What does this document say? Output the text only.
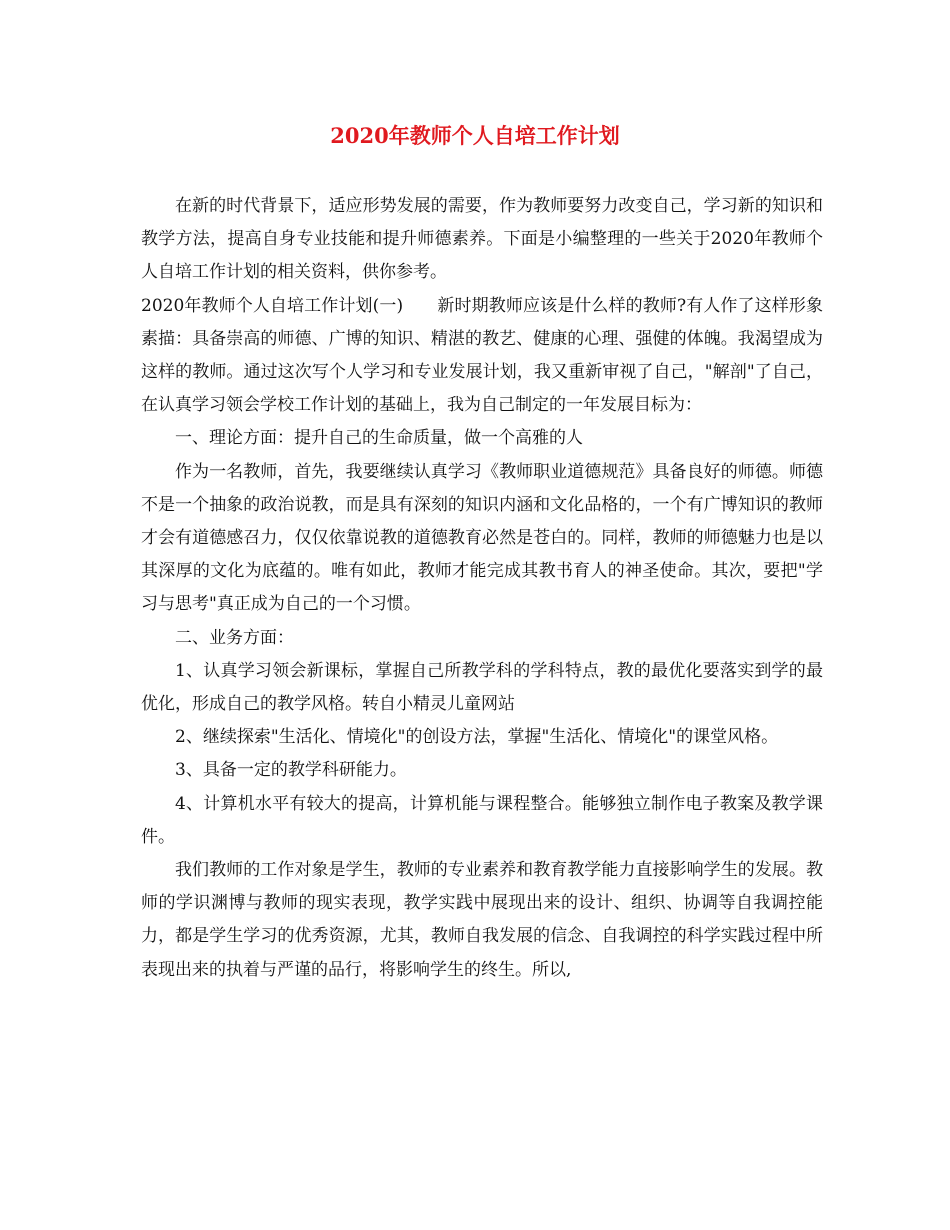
2020年教师个人自培工作计划

在新的时代背景下，适应形势发展的需要，作为教师要努力改变自己，学习新的知识和教学方法，提高自身专业技能和提升师德素养。下面是小编整理的一些关于2020年教师个人自培工作计划的相关资料，供你参考。

2020年教师个人自培工作计划(一)　　新时期教师应该是什么样的教师?有人作了这样形象素描：具备崇高的师德、广博的知识、精湛的教艺、健康的心理、强健的体魄。我渴望成为这样的教师。通过这次写个人学习和专业发展计划，我又重新审视了自己，"解剖"了自己，在认真学习领会学校工作计划的基础上，我为自己制定的一年发展目标为：

一、理论方面：提升自己的生命质量，做一个高雅的人

作为一名教师，首先，我要继续认真学习《教师职业道德规范》具备良好的师德。师德不是一个抽象的政治说教，而是具有深刻的知识内涵和文化品格的，一个有广博知识的教师才会有道德感召力，仅仅依靠说教的道德教育必然是苍白的。同样，教师的师德魅力也是以其深厚的文化为底蕴的。唯有如此，教师才能完成其教书育人的神圣使命。其次，要把"学习与思考"真正成为自己的一个习惯。

二、业务方面：

1、认真学习领会新课标，掌握自己所教学科的学科特点，教的最优化要落实到学的最优化，形成自己的教学风格。转自小精灵儿童网站

2、继续探索"生活化、情境化"的创设方法，掌握"生活化、情境化"的课堂风格。

3、具备一定的教学科研能力。

4、计算机水平有较大的提高，计算机能与课程整合。能够独立制作电子教案及教学课件。

我们教师的工作对象是学生，教师的专业素养和教育教学能力直接影响学生的发展。教师的学识渊博与教师的现实表现，教学实践中展现出来的设计、组织、协调等自我调控能力，都是学生学习的优秀资源，尤其，教师自我发展的信念、自我调控的科学实践过程中所表现出来的执着与严谨的品行，将影响学生的终生。所以,
